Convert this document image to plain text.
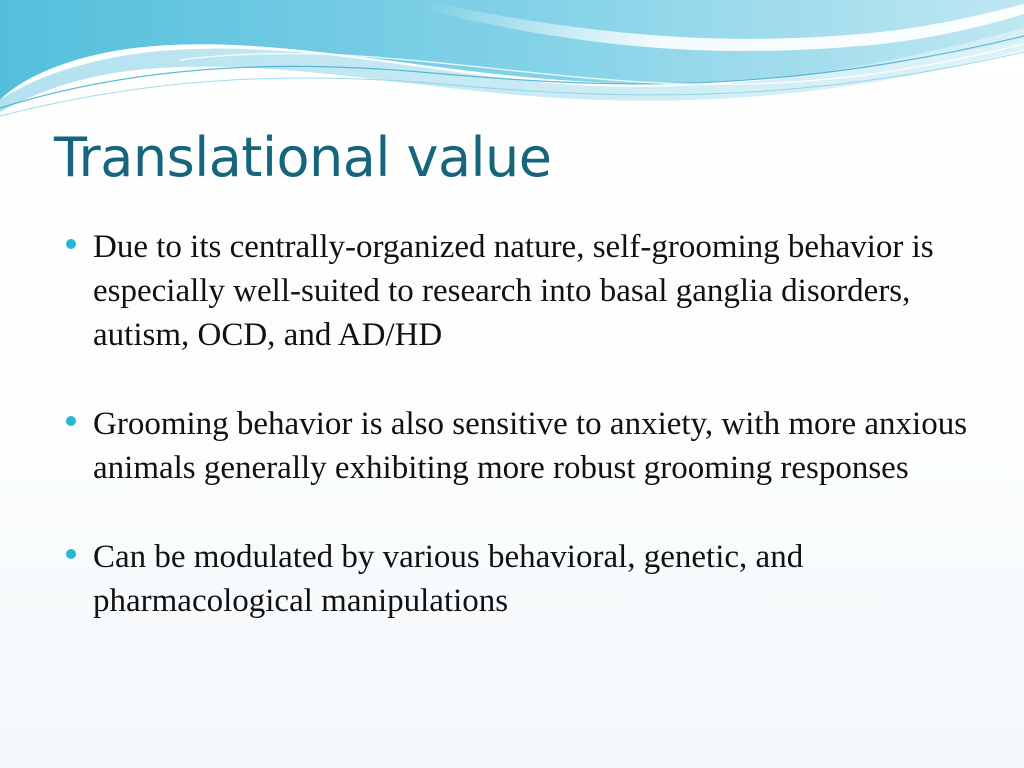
Translational value
Due to its centrally-organized nature, self-grooming behavior is especially well-suited to research into basal ganglia disorders, autism, OCD, and AD/HD
Grooming behavior is also sensitive to anxiety, with more anxious animals generally exhibiting more robust grooming responses
Can be modulated by various behavioral, genetic, and pharmacological manipulations
